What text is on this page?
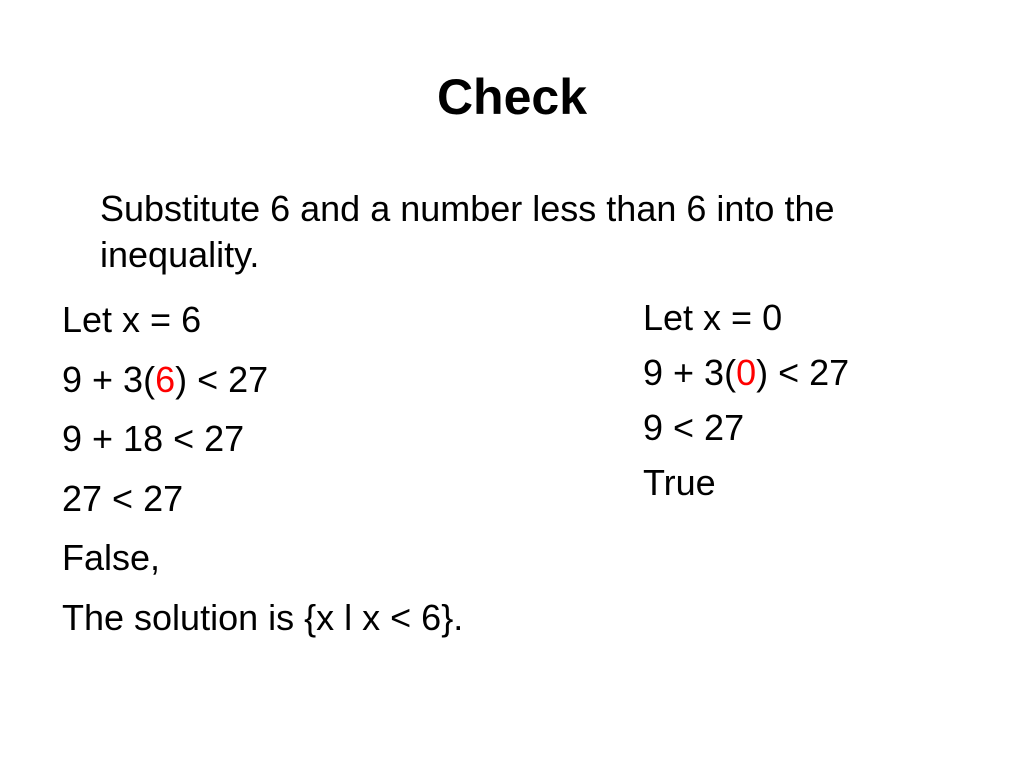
Check

Substitute 6 and a number less than 6 into the inequality.

Let x = 6
9 + 3(6) < 27
9 + 18 < 27
27 < 27
False,
The solution is {x l x < 6}.
Let x = 0
9 + 3(0) < 27
9 < 27
True
